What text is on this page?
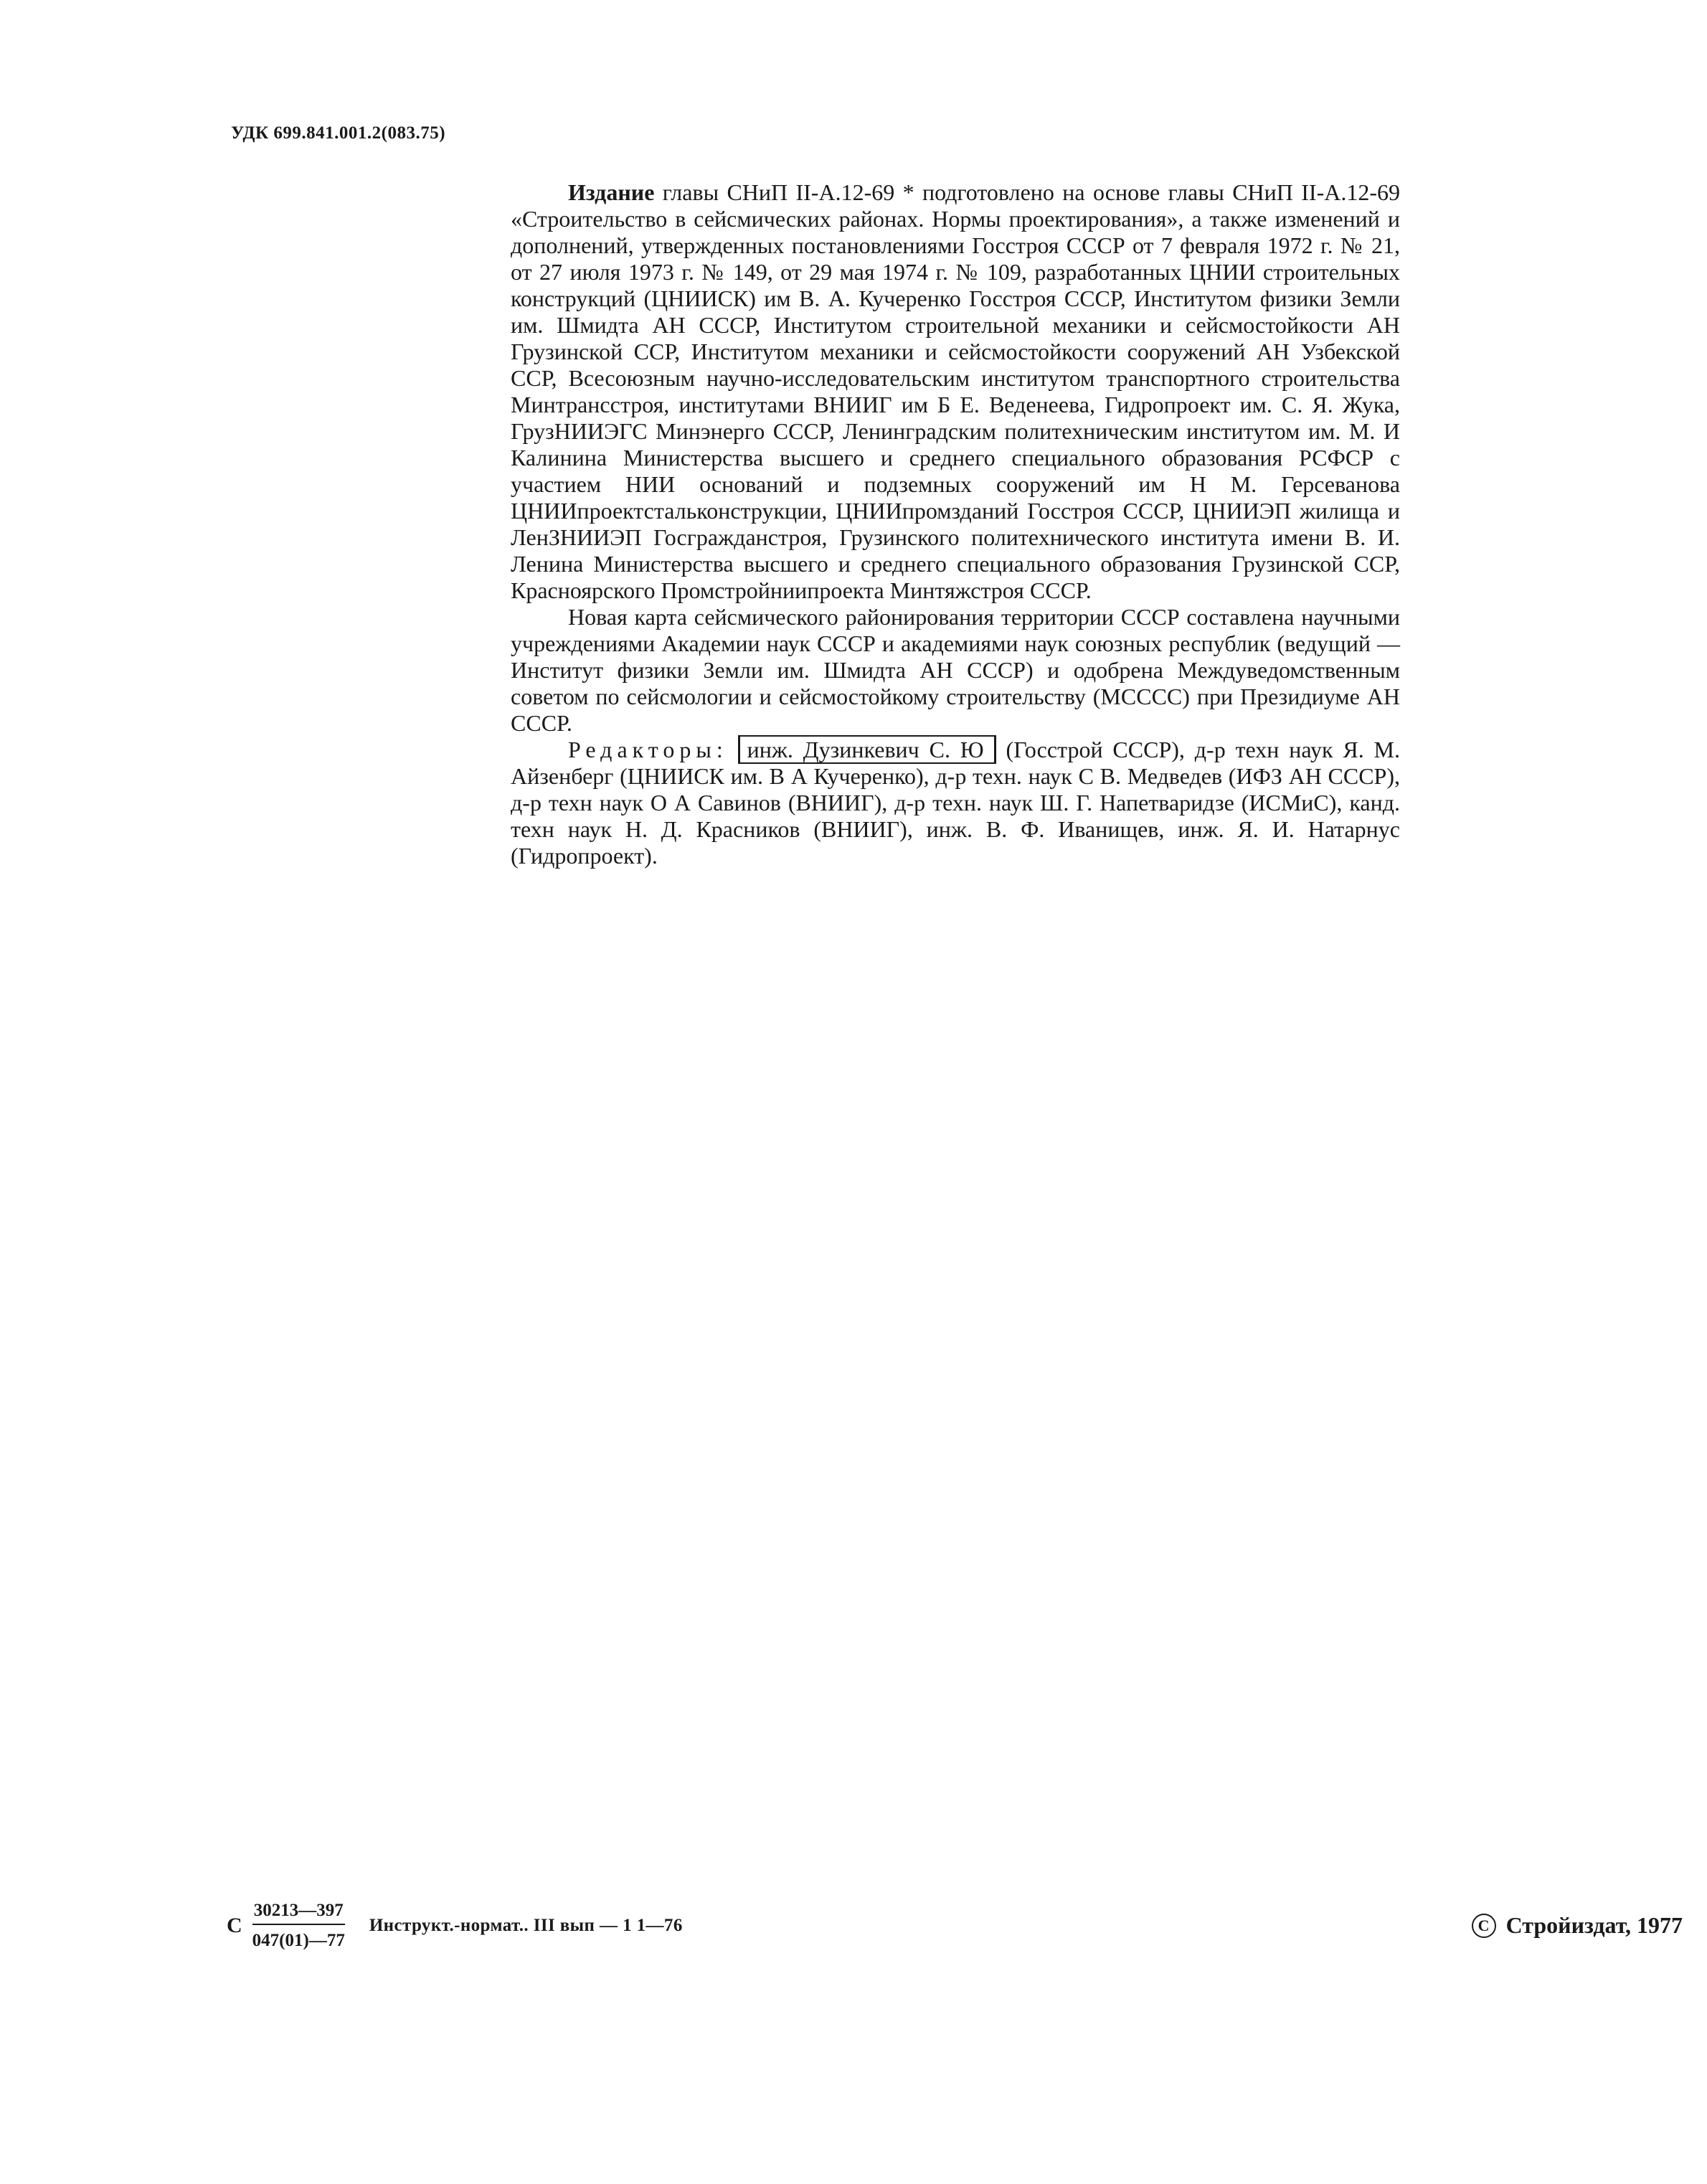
УДК 699.841.001.2(083.75)

Издание главы СНиП II-А.12-69 * подготовлено на основе главы СНиП II-А.12-69 «Строительство в сейсмических районах. Нормы проектирования», а также изменений и дополнений, утвержденных постановлениями Госстроя СССР от 7 февраля 1972 г. № 21, от 27 июля 1973 г. № 149, от 29 мая 1974 г. № 109, разработанных ЦНИИ строительных конструкций (ЦНИИСК) им В. А. Кучеренко Госстроя СССР, Институтом физики Земли им. Шмидта АН СССР, Институтом строительной механики и сейсмостойкости АН Грузинской ССР, Институтом механики и сейсмостойкости сооружений АН Узбекской ССР, Всесоюзным научно-исследовательским институтом транспортного строительства Минтрансстроя, институтами ВНИИГ им Б Е. Веденеева, Гидропроект им. С. Я. Жука, ГрузНИИЭГС Минэнерго СССР, Ленинградским политехническим институтом им. М. И Калинина Министерства высшего и среднего специального образования РСФСР с участием НИИ оснований и подземных сооружений им Н М. Герсеванова ЦНИИпроектстальконструкции, ЦНИИпромзданий Госстроя СССР, ЦНИИЭП жилища и ЛенЗНИИЭП Госгражданстроя, Грузинского политехнического института имени В. И. Ленина Министерства высшего и среднего специального образования Грузинской ССР, Красноярского Промстройниипроекта Минтяжстроя СССР.

Новая карта сейсмического районирования территории СССР составлена научными учреждениями Академии наук СССР и академиями наук союзных республик (ведущий — Институт физики Земли им. Шмидта АН СССР) и одобрена Междуведомственным советом по сейсмологии и сейсмостойкому строительству (МСССС) при Президиуме АН СССР.

Редакторы: инж. Дузинкевич С. Ю (Госстрой СССР), д-р техн наук Я. М. Айзенберг (ЦНИИСК им. В А Кучеренко), д-р техн. наук С В. Медведев (ИФЗ АН СССР), д-р техн наук О А Савинов (ВНИИГ), д-р техн. наук Ш. Г. Напетваридзе (ИСМиС), канд. техн наук Н. Д. Красников (ВНИИГ), инж. В. Ф. Иванищев, инж. Я. И. Натарнус (Гидропроект).

С $\frac{30213—397}{047(01)—77}$ Инструкт.-нормат.. III вып — 1 1—76	C Стройиздат, 1977
